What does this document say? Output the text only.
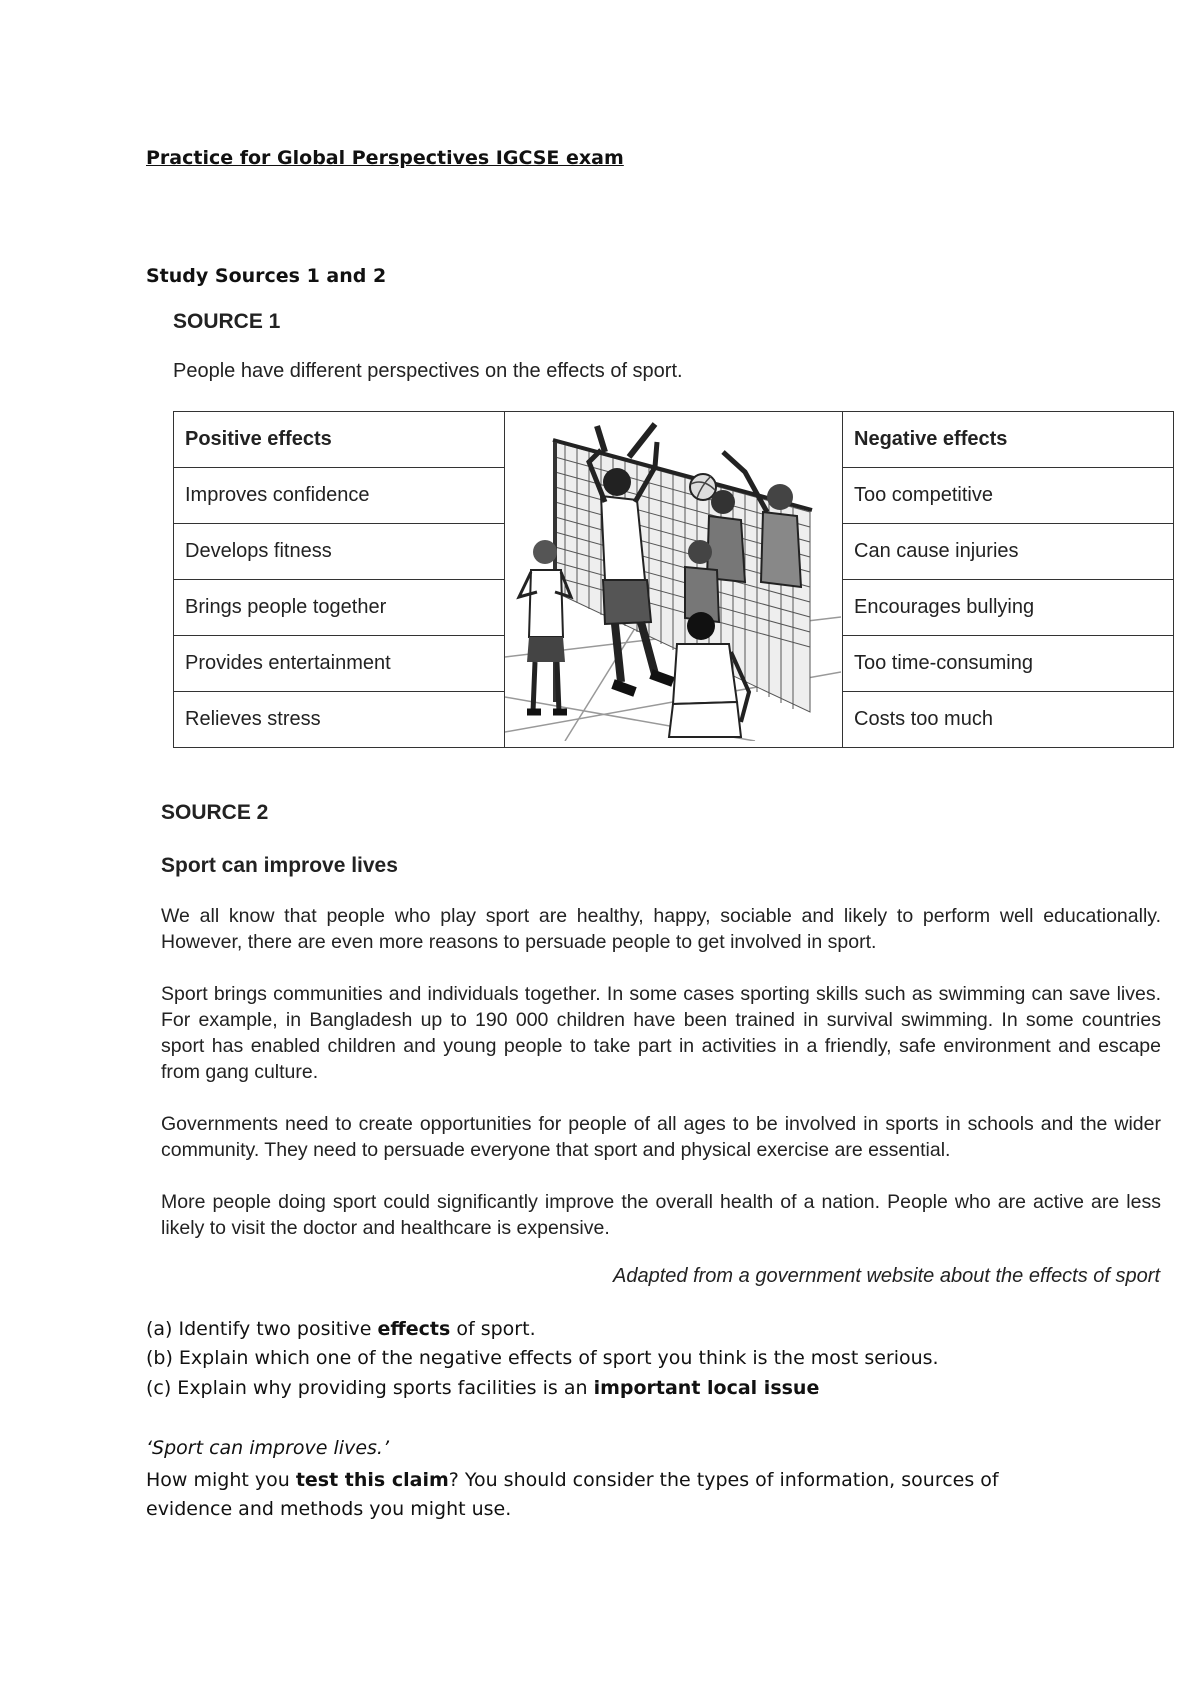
Practice for Global Perspectives IGCSE exam
Study Sources 1 and 2
SOURCE 1
People have different perspectives on the effects of sport.
Positive effects		Negative effects
Improves confidence		Too competitive
Develops fitness		Can cause injuries
Brings people together		Encourages bullying
Provides entertainment		Too time-consuming
Relieves stress		Costs too much
SOURCE 2
Sport can improve lives
We all know that people who play sport are healthy, happy, sociable and likely to perform well educationally. However, there are even more reasons to persuade people to get involved in sport.
Sport brings communities and individuals together. In some cases sporting skills such as swimming can save lives. For example, in Bangladesh up to 190 000 children have been trained in survival swimming. In some countries sport has enabled children and young people to take part in activities in a friendly, safe environment and escape from gang culture.
Governments need to create opportunities for people of all ages to be involved in sports in schools and the wider community. They need to persuade everyone that sport and physical exercise are essential.
More people doing sport could significantly improve the overall health of a nation. People who are active are less likely to visit the doctor and healthcare is expensive.
Adapted from a government website about the effects of sport
(a) Identify two positive effects of sport.
(b) Explain which one of the negative effects of sport you think is the most serious.
(c) Explain why providing sports facilities is an important local issue
‘Sport can improve lives.’
How might you test this claim? You should consider the types of information, sources of evidence and methods you might use.
